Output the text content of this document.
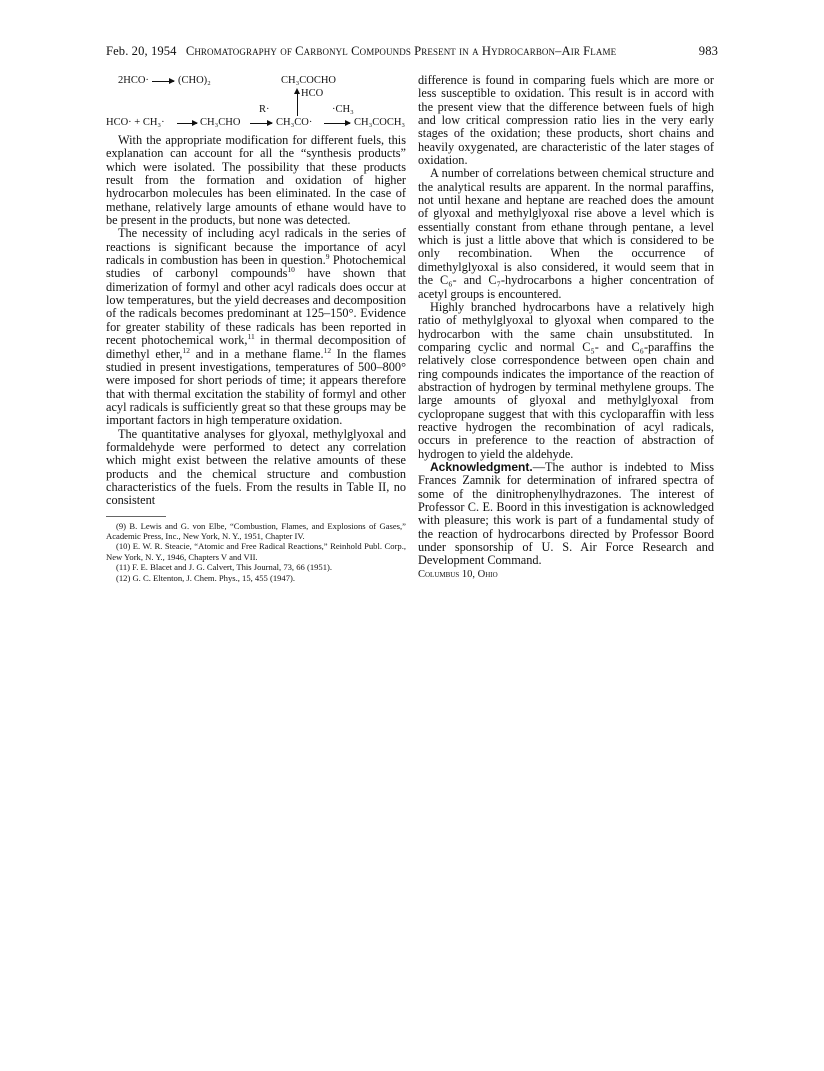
Feb. 20, 1954 Chromatography of Carbonyl Compounds Present in a Hydrocarbon–Air Flame	983
2HCO·	(CHO)₂	CH₃COCHO
HCO
HCO· + CH₃·	CH₃CHO
R·
CH₃CO·
·CH₃
CH₃COCH₃

With the appropriate modification for different fuels, this explanation can account for all the “synthesis products” which were isolated. The possibility that these products result from the formation and oxidation of higher hydrocarbon molecules has been eliminated. In the case of methane, relatively large amounts of ethane would have to be present in the products, but none was detected.

The necessity of including acyl radicals in the series of reactions is significant because the importance of acyl radicals in combustion has been in question.$^9$ Photochemical studies of carbonyl compounds$^{10}$ have shown that dimerization of formyl and other acyl radicals does occur at low temperatures, but the yield decreases and decomposition of the radicals becomes predominant at 125–150°. Evidence for greater stability of these radicals has been reported in recent photochemical work,$^{11}$ in thermal decomposition of dimethyl ether,$^{12}$ and in a methane flame.$^{12}$ In the flames studied in present investigations, temperatures of 500–800° were imposed for short periods of time; it appears therefore that with thermal excitation the stability of formyl and other acyl radicals is sufficiently great so that these groups may be important factors in high temperature oxidation.

The quantitative analyses for glyoxal, methylglyoxal and formaldehyde were performed to detect any correlation which might exist between the relative amounts of these products and the chemical structure and combustion characteristics of the fuels. From the results in Table II, no consistent

(9) B. Lewis and G. von Elbe, “Combustion, Flames, and Explosions of Gases,” Academic Press, Inc., New York, N. Y., 1951, Chapter IV.

(10) E. W. R. Steacie, “Atomic and Free Radical Reactions,” Reinhold Publ. Corp., New York, N. Y., 1946, Chapters V and VII.

(11) F. E. Blacet and J. G. Calvert, This Journal, 73, 66 (1951).

(12) G. C. Eltenton, J. Chem. Phys., 15, 455 (1947).

difference is found in comparing fuels which are more or less susceptible to oxidation. This result is in accord with the present view that the difference between fuels of high and low critical compression ratio lies in the very early stages of the oxidation; these products, short chains and heavily oxygenated, are characteristic of the later stages of oxidation.

A number of correlations between chemical structure and the analytical results are apparent. In the normal paraffins, not until hexane and heptane are reached does the amount of glyoxal and methylglyoxal rise above a level which is essentially constant from ethane through pentane, a level which is just a little above that which is considered to be only recombination. When the occurrence of dimethylglyoxal is also considered, it would seem that in the C₆- and C₇-hydrocarbons a higher concentration of acetyl groups is encountered.

Highly branched hydrocarbons have a relatively high ratio of methylglyoxal to glyoxal when compared to the hydrocarbon with the same chain unsubstituted. In comparing cyclic and normal C₅- and C₆-paraffins the relatively close correspondence between open chain and ring compounds indicates the importance of the reaction of abstraction of hydrogen by terminal methylene groups. The large amounts of glyoxal and methylglyoxal from cyclopropane suggest that with this cycloparaffin with less reactive hydrogen the recombination of acyl radicals, occurs in preference to the reaction of abstraction of hydrogen to yield the aldehyde.

Acknowledgment.—The author is indebted to Miss Frances Zamnik for determination of infrared spectra of some of the dinitrophenylhydrazones. The interest of Professor C. E. Boord in this investigation is acknowledged with pleasure; this work is part of a fundamental study of the reaction of hydrocarbons directed by Professor Boord under sponsorship of U. S. Air Force Research and Development Command.

Columbus 10, Ohio
